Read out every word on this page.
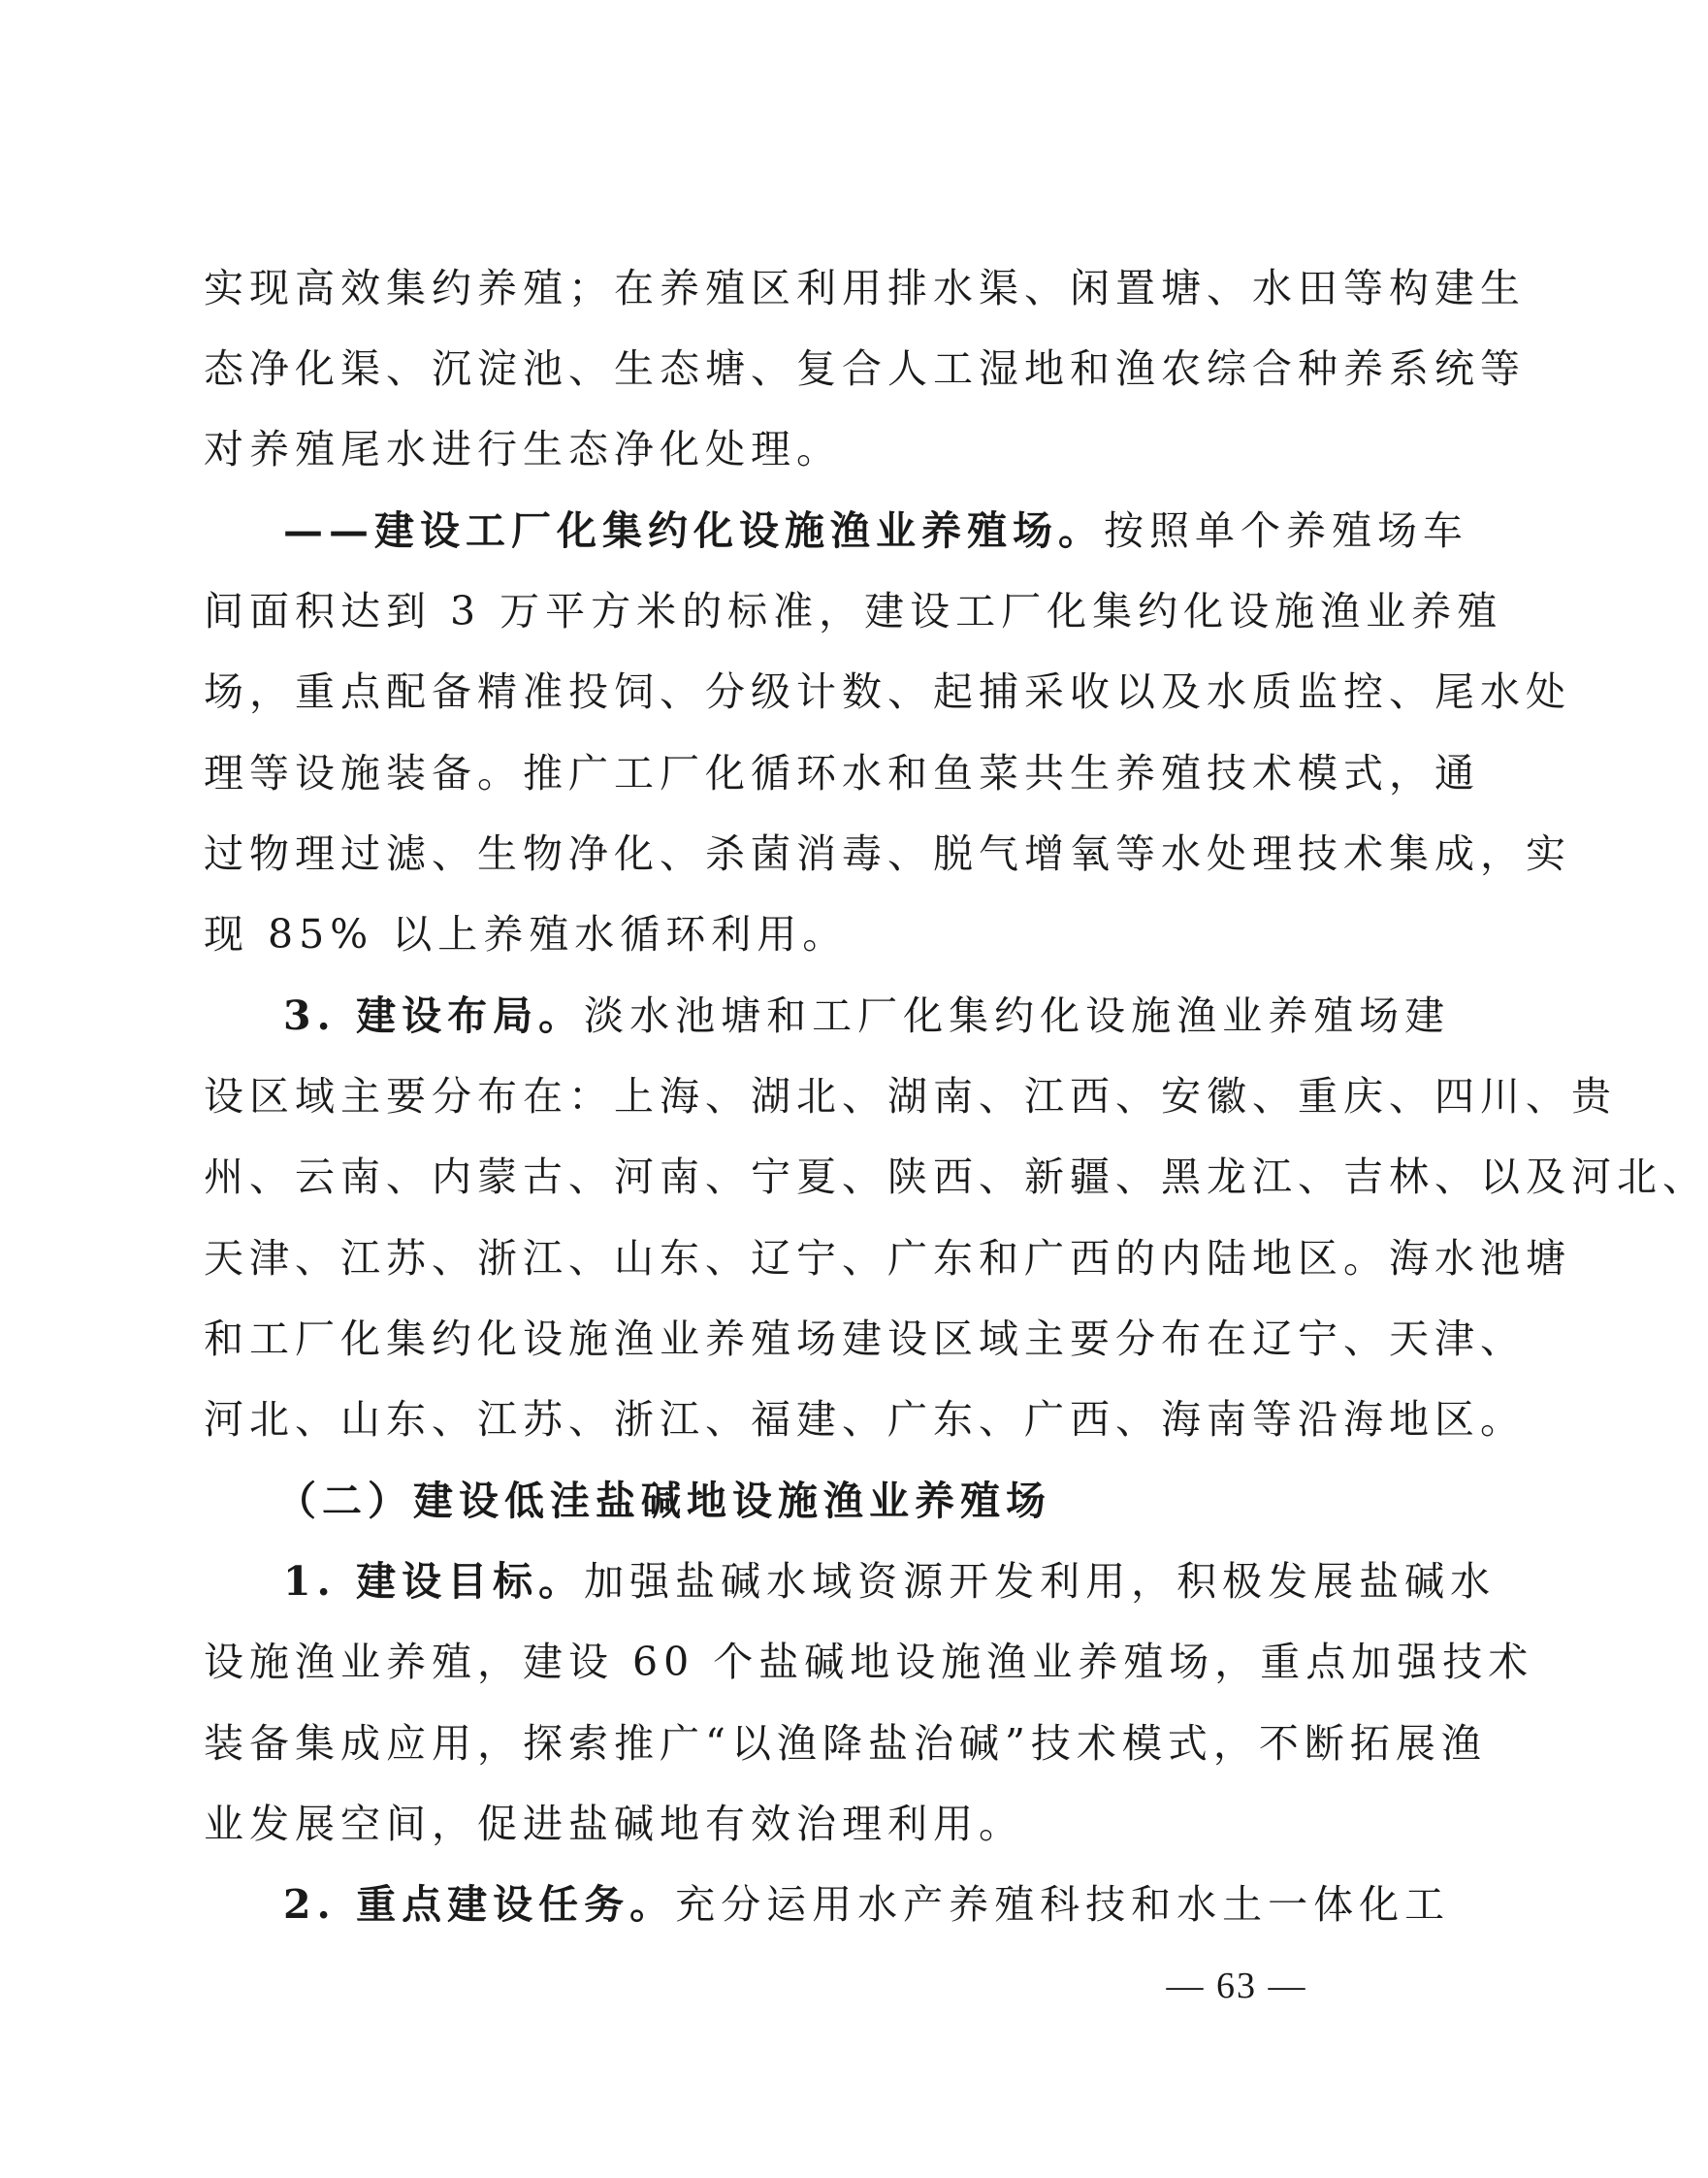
实现高效集约养殖；在养殖区利用排水渠、闲置塘、水田等构建生
态净化渠、沉淀池、生态塘、复合人工湿地和渔农综合种养系统等
对养殖尾水进行生态净化处理。
——建设工厂化集约化设施渔业养殖场。按照单个养殖场车
间面积达到 3 万平方米的标准，建设工厂化集约化设施渔业养殖
场，重点配备精准投饲、分级计数、起捕采收以及水质监控、尾水处
理等设施装备。推广工厂化循环水和鱼菜共生养殖技术模式，通
过物理过滤、生物净化、杀菌消毒、脱气增氧等水处理技术集成，实
现 85% 以上养殖水循环利用。
3. 建设布局。淡水池塘和工厂化集约化设施渔业养殖场建
设区域主要分布在：上海、湖北、湖南、江西、安徽、重庆、四川、贵
州、云南、内蒙古、河南、宁夏、陕西、新疆、黑龙江、吉林、以及河北、
天津、江苏、浙江、山东、辽宁、广东和广西的内陆地区。海水池塘
和工厂化集约化设施渔业养殖场建设区域主要分布在辽宁、天津、
河北、山东、江苏、浙江、福建、广东、广西、海南等沿海地区。
（二）建设低洼盐碱地设施渔业养殖场
1. 建设目标。加强盐碱水域资源开发利用，积极发展盐碱水
设施渔业养殖，建设 60 个盐碱地设施渔业养殖场，重点加强技术
装备集成应用，探索推广“以渔降盐治碱”技术模式，不断拓展渔
业发展空间，促进盐碱地有效治理利用。
2. 重点建设任务。充分运用水产养殖科技和水土一体化工
— 63 —
